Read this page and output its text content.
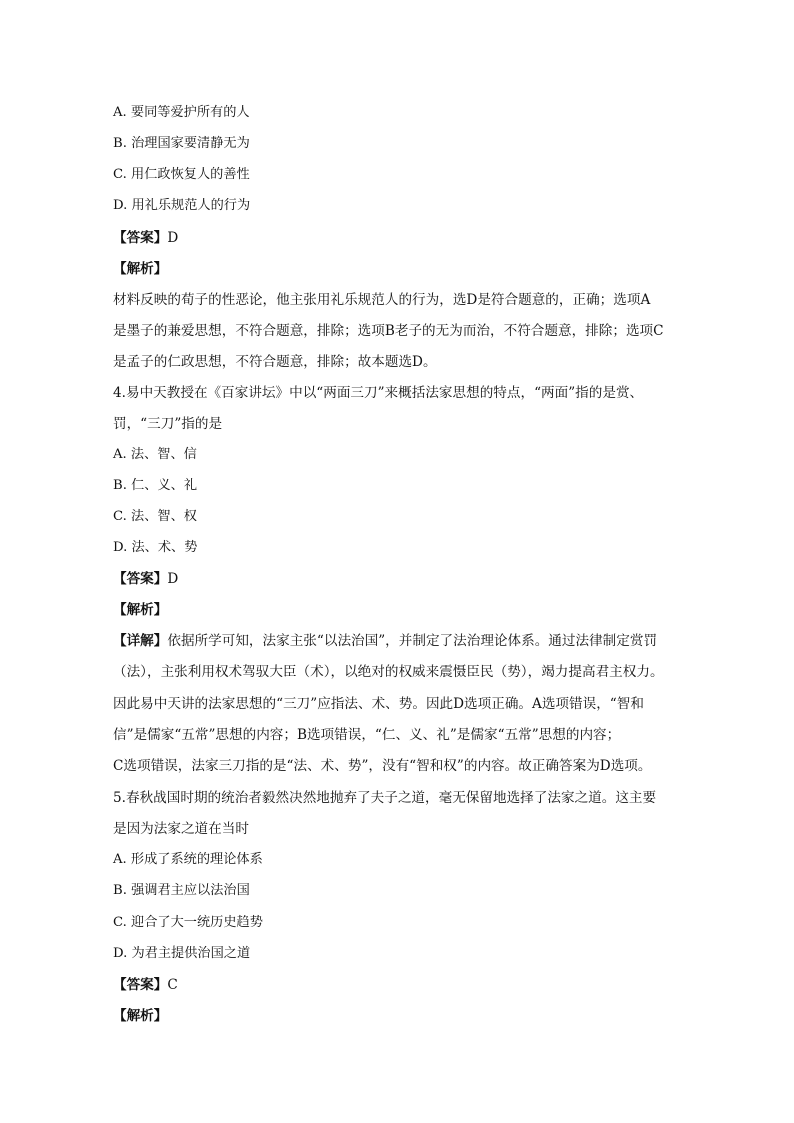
A. 要同等爱护所有的人
B. 治理国家要清静无为
C. 用仁政恢复人的善性
D. 用礼乐规范人的行为
【答案】D
【解析】
材料反映的荀子的性恶论，他主张用礼乐规范人的行为，选D是符合题意的，正确；选项A
是墨子的兼爱思想，不符合题意，排除；选项B老子的无为而治，不符合题意，排除；选项C
是孟子的仁政思想，不符合题意，排除；故本题选D。
4.易中天教授在《百家讲坛》中以“两面三刀”来概括法家思想的特点，“两面”指的是赏、
罚，“三刀”指的是
A. 法、智、信
B. 仁、义、礼
C. 法、智、权
D. 法、术、势
【答案】D
【解析】
【详解】依据所学可知，法家主张“以法治国”，并制定了法治理论体系。通过法律制定赏罚
（法），主张利用权术驾驭大臣（术），以绝对的权威来震慑臣民（势），竭力提高君主权力。
因此易中天讲的法家思想的“三刀”应指法、术、势。因此D选项正确。A选项错误，“智和
信”是儒家“五常”思想的内容；B选项错误，“仁、义、礼”是儒家“五常”思想的内容；
C选项错误，法家三刀指的是“法、术、势”，没有“智和权”的内容。故正确答案为D选项。
5.春秋战国时期的统治者毅然决然地抛弃了夫子之道，毫无保留地选择了法家之道。这主要
是因为法家之道在当时
A. 形成了系统的理论体系
B. 强调君主应以法治国
C. 迎合了大一统历史趋势
D. 为君主提供治国之道
【答案】C
【解析】
